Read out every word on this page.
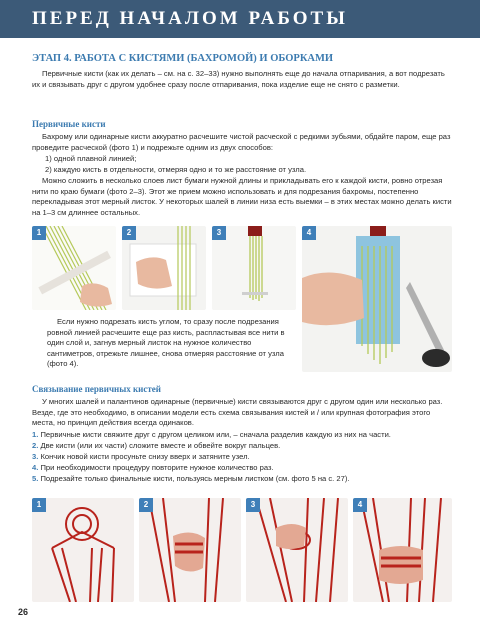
ПЕРЕД НАЧАЛОМ РАБОТЫ
ЭТАП 4. РАБОТА С КИСТЯМИ (БАХРОМОЙ) И ОБОРКАМИ
Первичные кисти (как их делать – см. на с. 32–33) нужно выполнять еще до начала отпаривания, а вот подрезать их и связывать друг с другом удобнее сразу после отпаривания, пока изделие еще не снято с разметки.
Первичные кисти
Бахрому или одинарные кисти аккуратно расчешите чистой расческой с редкими зубьями, обдайте паром, еще раз проведите расческой (фото 1) и подрежьте одним из двух способов:
1) одной плавной линией;
2) каждую кисть в отдельности, отмеряя одно и то же расстояние от узла.
Можно сложить в несколько слоев лист бумаги нужной длины и прикладывать его к каждой кисти, ровно отрезая нити по краю бумаги (фото 2–3). Этот же прием можно использовать и для подрезания бахромы, постепенно перекладывая этот мерный листок. У некоторых шалей в линии низа есть выемки – в этих местах можно делать кисти на 1–3 см длиннее остальных.
1	2	3	4
Если нужно подрезать кисть углом, то сразу после подрезания ровной линией расчешите еще раз кисть, распластывая все нити в один слой и, загнув мерный листок на нужное количество сантиметров, отрежьте лишнее, снова отмеряя расстояние от узла (фото 4).
Связывание первичных кистей
У многих шалей и палантинов одинарные (первичные) кисти связываются друг с другом один или несколько раз. Везде, где это необходимо, в описании модели есть схема связывания кистей и / или крупная фотография этого места, но принцип действия всегда одинаков.
1. Первичные кисти свяжите друг с другом целиком или, – сначала разделив каждую из них на части.
2. Две кисти (или их части) сложите вместе и обвейте вокруг пальцев.
3. Кончик новой кисти просуньте снизу вверх и затяните узел.
4. При необходимости процедуру повторите нужное количество раз.
5. Подрезайте только финальные кисти, пользуясь мерным листком (см. фото 5 на с. 27).
1	2	3	4
26
